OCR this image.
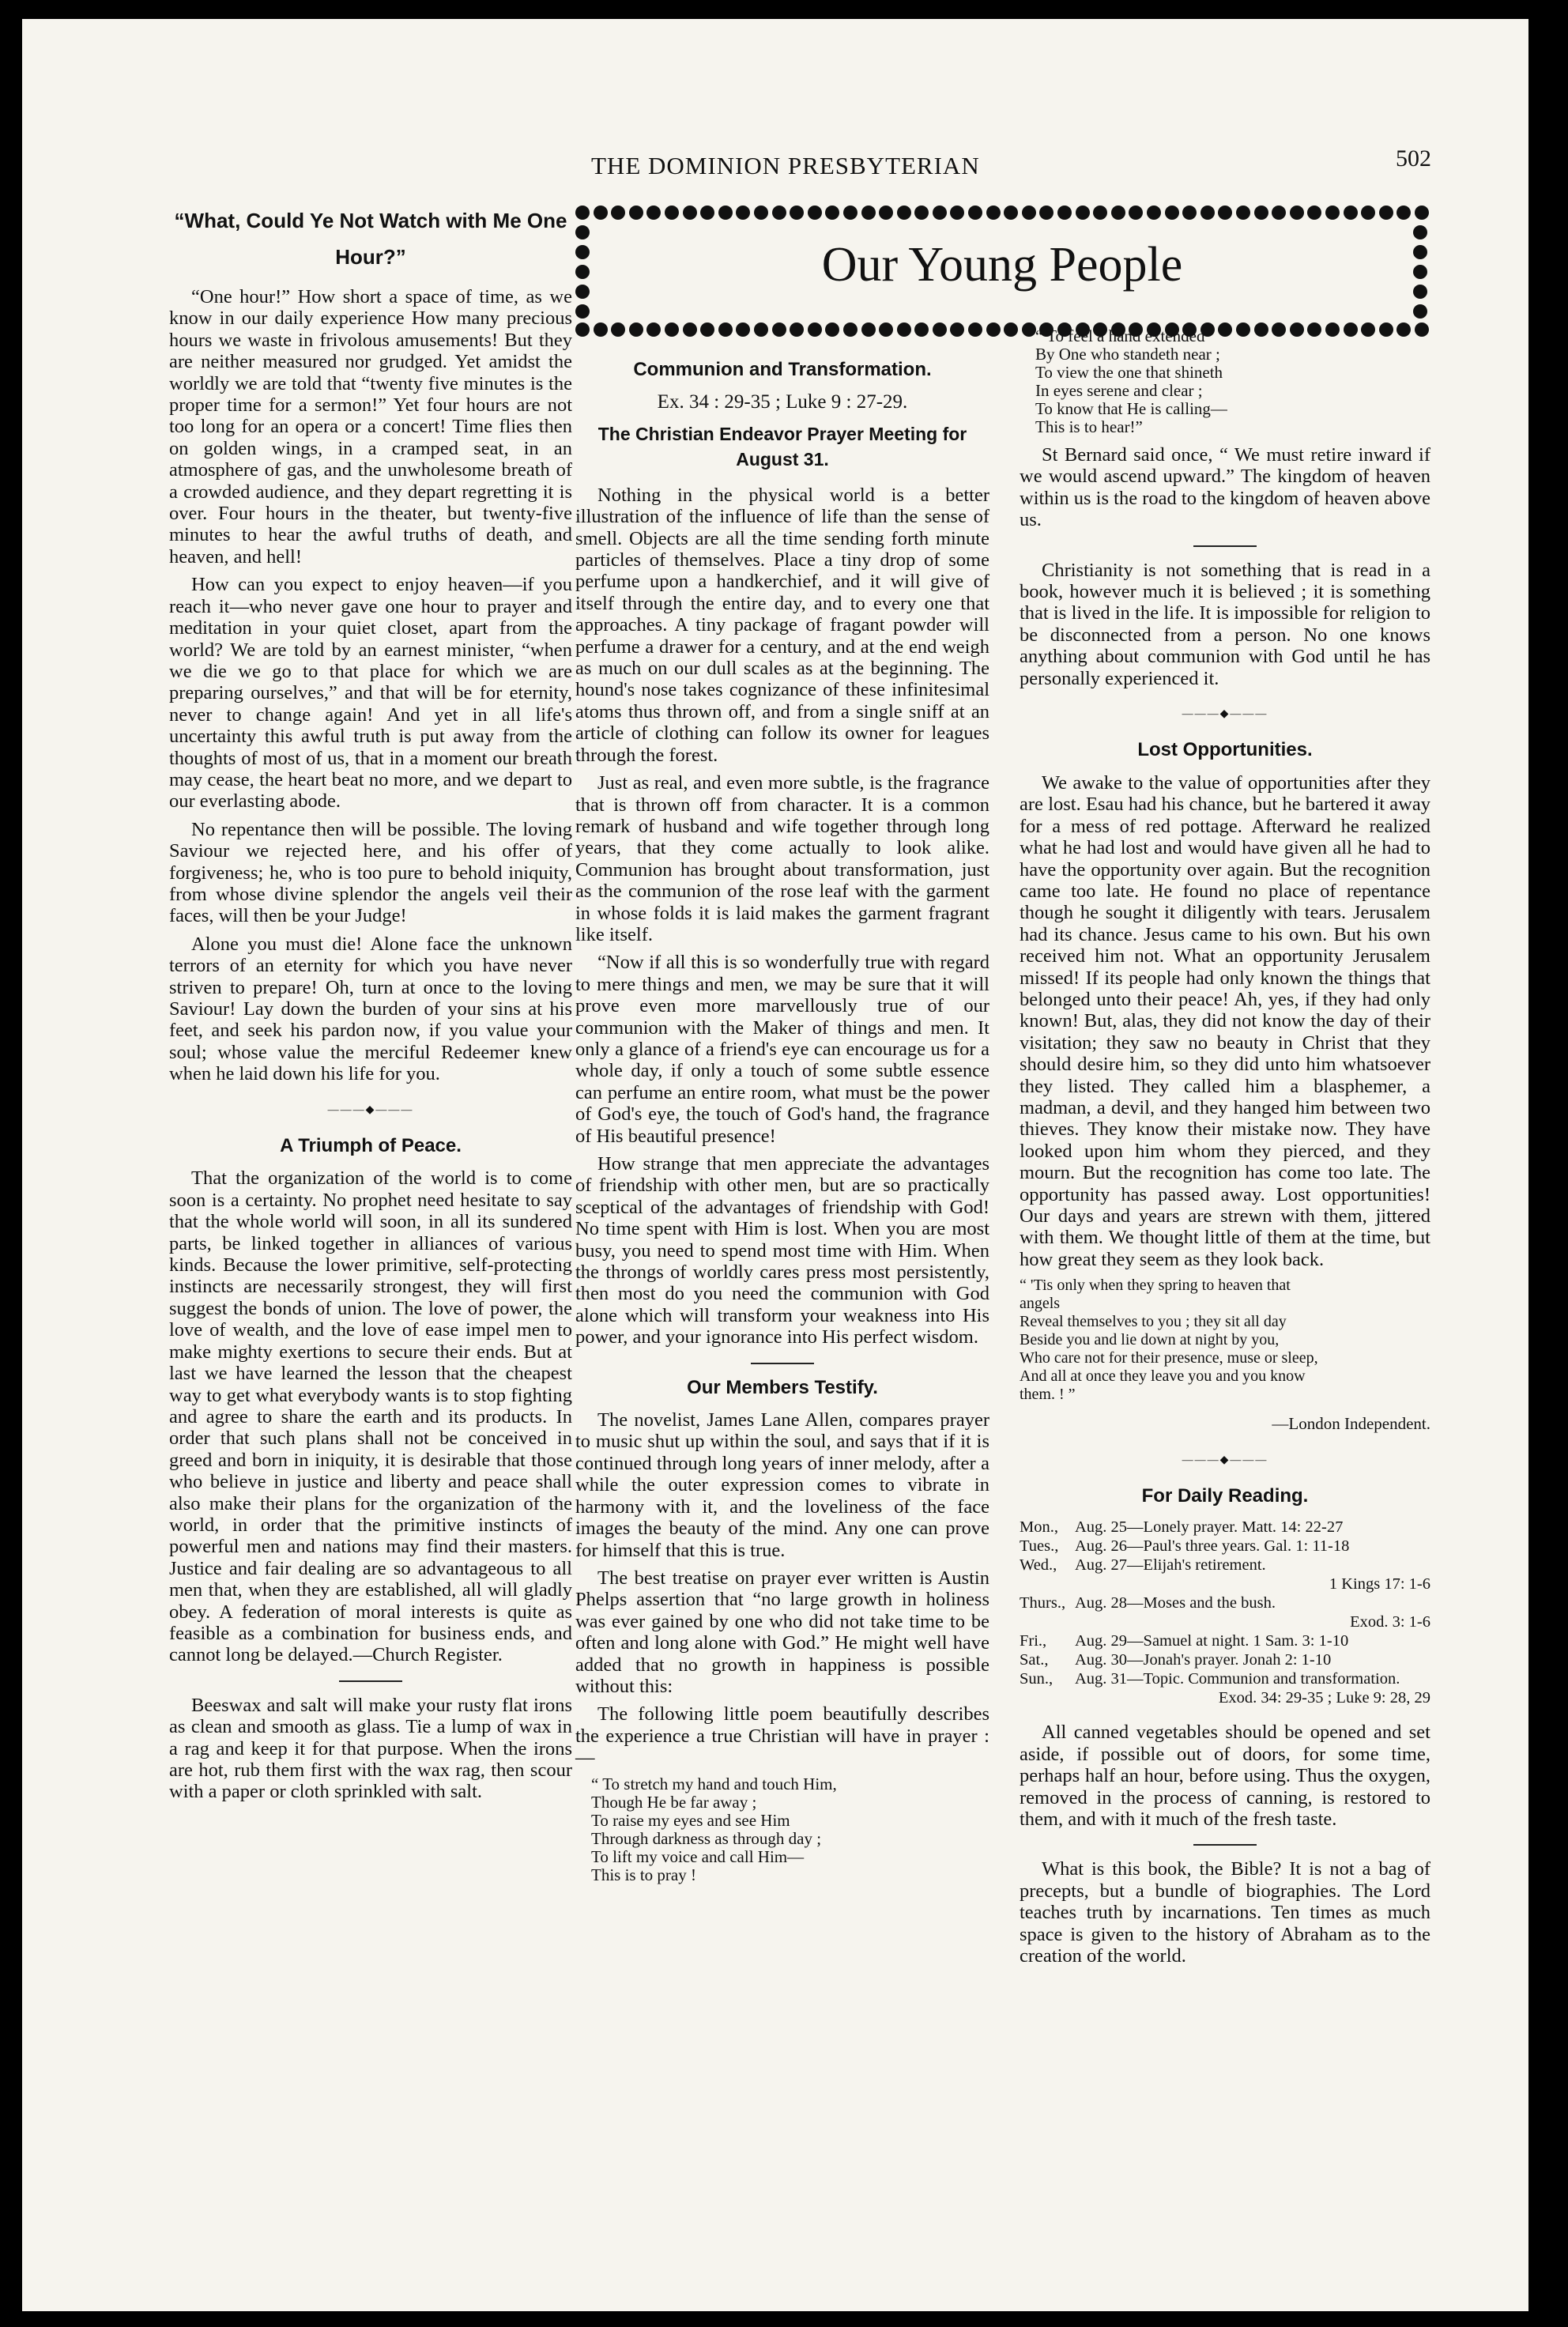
THE DOMINION PRESBYTERIAN	502
Our Young People
“What, Could Ye Not Watch with Me One Hour?”

“One hour!” How short a space of time, as we know in our daily experience How many precious hours we waste in frivolous amusements! But they are neither measured nor grudged. Yet amidst the worldly we are told that “twenty five minutes is the proper time for a sermon!” Yet four hours are not too long for an opera or a concert! Time flies then on golden wings, in a cramped seat, in an atmosphere of gas, and the unwholesome breath of a crowded audience, and they depart regretting it is over. Four hours in the theater, but twenty-five minutes to hear the awful truths of death, and heaven, and hell!

How can you expect to enjoy heaven—if you reach it—who never gave one hour to prayer and meditation in your quiet closet, apart from the world? We are told by an earnest minister, “when we die we go to that place for which we are preparing ourselves,” and that will be for eternity, never to change again! And yet in all life's uncertainty this awful truth is put away from the thoughts of most of us, that in a moment our breath may cease, the heart beat no more, and we depart to our everlasting abode.

No repentance then will be possible. The loving Saviour we rejected here, and his offer of forgiveness; he, who is too pure to behold iniquity, from whose divine splendor the angels veil their faces, will then be your Judge!

Alone you must die! Alone face the unknown terrors of an eternity for which you have never striven to prepare! Oh, turn at once to the loving Saviour! Lay down the burden of your sins at his feet, and seek his pardon now, if you value your soul; whose value the merciful Redeemer knew when he laid down his life for you.

———◆———
A Triumph of Peace.

That the organization of the world is to come soon is a certainty. No prophet need hesitate to say that the whole world will soon, in all its sundered parts, be linked together in alliances of various kinds. Because the lower primitive, self-protecting instincts are necessarily strongest, they will first suggest the bonds of union. The love of power, the love of wealth, and the love of ease impel men to make mighty exertions to secure their ends. But at last we have learned the lesson that the cheapest way to get what everybody wants is to stop fighting and agree to share the earth and its products. In order that such plans shall not be conceived in greed and born in iniquity, it is desirable that those who believe in justice and liberty and peace shall also make their plans for the organization of the world, in order that the primitive instincts of powerful men and nations may find their masters. Justice and fair dealing are so advantageous to all men that, when they are established, all will gladly obey. A federation of moral interests is quite as feasible as a combination for business ends, and cannot long be delayed.—Church Register.

Beeswax and salt will make your rusty flat irons as clean and smooth as glass. Tie a lump of wax in a rag and keep it for that purpose. When the irons are hot, rub them first with the wax rag, then scour with a paper or cloth sprinkled with salt.

Communion and Transformation.
Ex. 34 : 29-35 ; Luke 9 : 27-29.
The Christian Endeavor Prayer Meeting for August 31.

Nothing in the physical world is a better illustration of the influence of life than the sense of smell. Objects are all the time sending forth minute particles of themselves. Place a tiny drop of some perfume upon a handkerchief, and it will give of itself through the entire day, and to every one that approaches. A tiny package of fragant powder will perfume a drawer for a century, and at the end weigh as much on our dull scales as at the beginning. The hound's nose takes cognizance of these infinitesimal atoms thus thrown off, and from a single sniff at an article of clothing can follow its owner for leagues through the forest.

Just as real, and even more subtle, is the fragrance that is thrown off from character. It is a common remark of husband and wife together through long years, that they come actually to look alike. Communion has brought about transformation, just as the communion of the rose leaf with the garment in whose folds it is laid makes the garment fragrant like itself.

“Now if all this is so wonderfully true with regard to mere things and men, we may be sure that it will prove even more marvellously true of our communion with the Maker of things and men. It only a glance of a friend's eye can encourage us for a whole day, if only a touch of some subtle essence can perfume an entire room, what must be the power of God's eye, the touch of God's hand, the fragrance of His beautiful presence!

How strange that men appreciate the advantages of friendship with other men, but are so practically sceptical of the advantages of friendship with God! No time spent with Him is lost. When you are most busy, you need to spend most time with Him. When the throngs of worldly cares press most persistently, then most do you need the communion with God alone which will transform your weakness into His power, and your ignorance into His perfect wisdom.

Our Members Testify.

The novelist, James Lane Allen, compares prayer to music shut up within the soul, and says that if it is continued through long years of inner melody, after a while the outer expression comes to vibrate in harmony with it, and the loveliness of the face images the beauty of the mind. Any one can prove for himself that this is true.

The best treatise on prayer ever written is Austin Phelps assertion that “no large growth in holiness was ever gained by one who did not take time to be often and long alone with God.” He might well have added that no growth in happiness is possible without this:

The following little poem beautifully describes the experience a true Christian will have in prayer :—

“ To stretch my hand and touch Him,
Though He be far away ;
To raise my eyes and see Him
Through darkness as through day ;
To lift my voice and call Him—
This is to pray !
“ To feel a hand extended
By One who standeth near ;
To view the one that shineth
In eyes serene and clear ;
To know that He is calling—
This is to hear!”

St Bernard said once, “ We must retire inward if we would ascend upward.” The kingdom of heaven within us is the road to the kingdom of heaven above us.

Christianity is not something that is read in a book, however much it is believed ; it is something that is lived in the life. It is impossible for religion to be disconnected from a person. No one knows anything about communion with God until he has personally experienced it.

———◆———
Lost Opportunities.

We awake to the value of opportunities after they are lost. Esau had his chance, but he bartered it away for a mess of red pottage. Afterward he realized what he had lost and would have given all he had to have the opportunity over again. But the recognition came too late. He found no place of repentance though he sought it diligently with tears. Jerusalem had its chance. Jesus came to his own. But his own received him not. What an opportunity Jerusalem missed! If its people had only known the things that belonged unto their peace! Ah, yes, if they had only known! But, alas, they did not know the day of their visitation; they saw no beauty in Christ that they should desire him, so they did unto him whatsoever they listed. They called him a blasphemer, a madman, a devil, and they hanged him between two thieves. They know their mistake now. They have looked upon him whom they pierced, and they mourn. But the recognition has come too late. The opportunity has passed away. Lost opportunities! Our days and years are strewn with them, jittered with them. We thought little of them at the time, but how great they seem as they look back.

“ 'Tis only when they spring to heaven that
angels
Reveal themselves to you ; they sit all day
Beside you and lie down at night by you,
Who care not for their presence, muse or sleep,
And all at once they leave you and you know
them. ! ”
—London Independent.
———◆———
For Daily Reading.
Mon.,	Aug. 25—Lonely prayer. Matt. 14: 22-27
Tues.,	Aug. 26—Paul's three years. Gal. 1: 11-18
Wed.,	Aug. 27—Elijah's retirement.
1 Kings 17: 1-6
Thurs., Aug. 28—Moses and the bush.
Exod. 3: 1-6
Fri.,	Aug. 29—Samuel at night. 1 Sam. 3: 1-10
Sat.,	Aug. 30—Jonah's prayer. Jonah 2: 1-10
Sun.,	Aug. 31—Topic. Communion and transformation.
Exod. 34: 29-35 ; Luke 9: 28, 29

All canned vegetables should be opened and set aside, if possible out of doors, for some time, perhaps half an hour, before using. Thus the oxygen, removed in the process of canning, is restored to them, and with it much of the fresh taste.

What is this book, the Bible? It is not a bag of precepts, but a bundle of biographies. The Lord teaches truth by incarnations. Ten times as much space is given to the history of Abraham as to the creation of the world.
